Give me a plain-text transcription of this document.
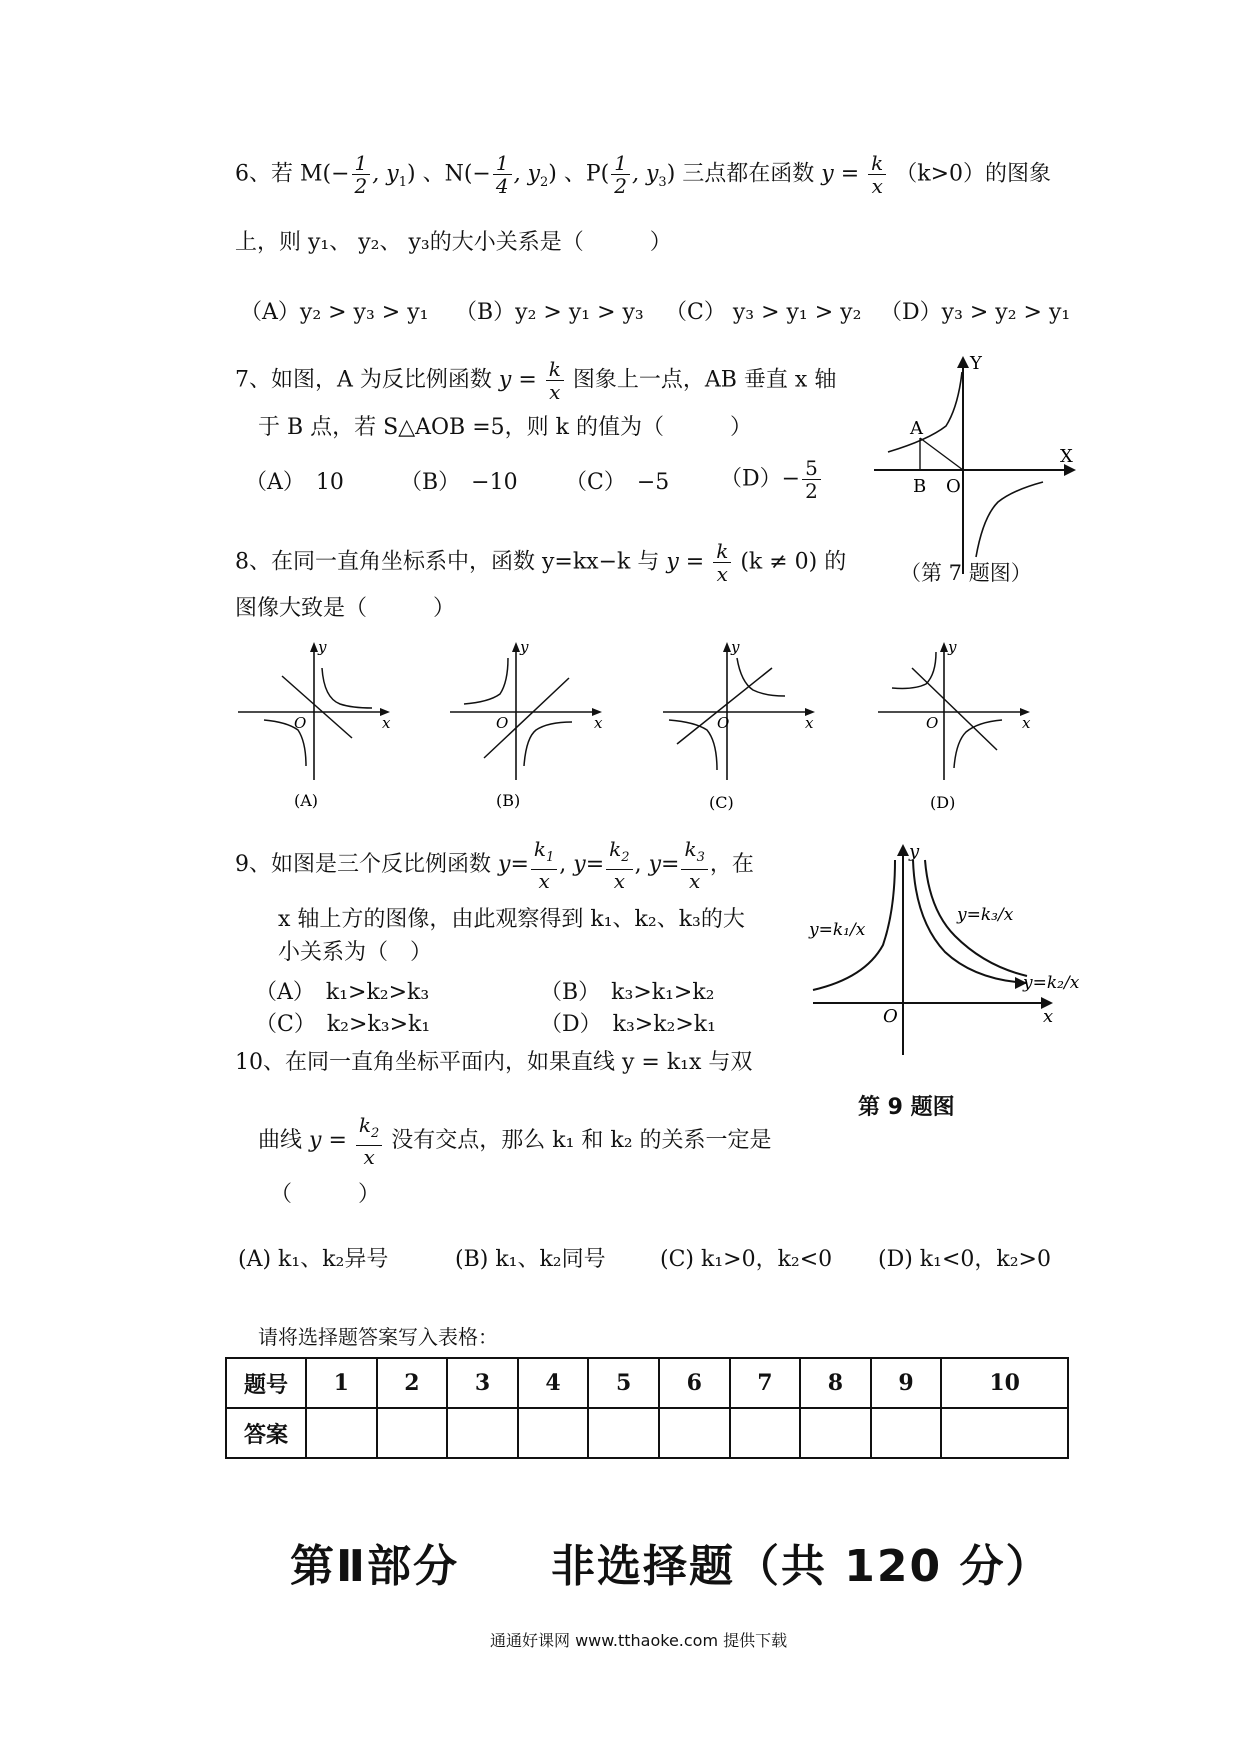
6、若 $M(- \frac{1}{2}$ , $y_1$) 、$N(- \frac{1}{4}$ , $y_2$) 、$P( \frac{1}{2}$ , $y_3$) 三点都在函数 $y = \frac{k}{x} (k>0)$的图象
上，则 y₁、 y₂、 y₃的大小关系是（　　　）
（A）y₂ > y₃ > y₁ （B）y₂ > y₁ > y₃ （C） y₃ > y₁ > y₂ （D）y₃ > y₂ > y₁
7、如图，A 为反比例函数 $y = \frac{k}{x}$ 图象上一点，AB 垂直 x 轴
于 B 点，若 S△AOB =5，则 k 的值为（　　　）
（A）　10	（B）　−10 （C）　−5 $(D)- \frac{5}{2}$
Y
X
A
B O
（第 7 题图）
8、在同一直角坐标系中，函数 y=kx−k 与 $y = \frac{k}{x} (k \ne 0)$ 的
图像大致是（　　　）
y
x
O
(A)
y
x
O
(B)
y
x
O
(C)
y
x
O
(D)
9、如图是三个反比例函数 $y= \frac{k_1}{x}$ , $y= \frac{k_2}{x}$ , $y= \frac{k_3}{x}$ ，在
x 轴上方的图像，由此观察得到 k₁、k₂、k₃的大
小关系为（　）
（A）　k₁>k₂>k₃	（B）　k₃>k₁>k₂
（C）　k₂>k₃>k₁	（D）　k₃>k₂>k₁
y
x
O
y=k₁/x
y=k₃/x
y=k₂/x
第 9 题图
10、在同一直角坐标平面内，如果直线 y = k₁x 与双
曲线 $y = \frac{k_2}{x}$ 没有交点，那么 k₁ 和 k₂ 的关系一定是
（　　　）
(A) k₁、k₂异号	(B) k₁、k₂同号 (C) k₁>0，k₂<0 (D) k₁<0，k₂>0
请将选择题答案写入表格：
题号	1	2	3	4	5	6	7	8	9	10
答案										
第Ⅱ部分　　非选择题（共 120 分）
通通好课网 www.tthaoke.com 提供下载
